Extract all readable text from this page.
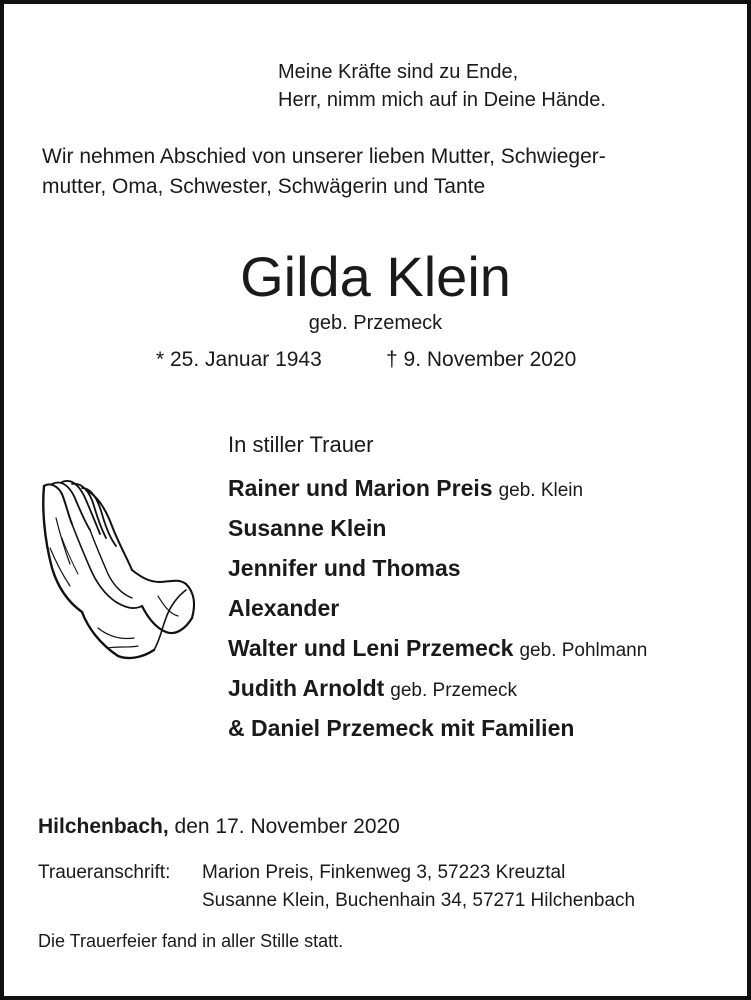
Meine Kräfte sind zu Ende,
Herr, nimm mich auf in Deine Hände.
Wir nehmen Abschied von unserer lieben Mutter, Schwieger-
mutter, Oma, Schwester, Schwägerin und Tante
Gilda Klein
geb. Przemeck
* 25. Januar 1943	† 9. November 2020
In stiller Trauer
Rainer und Marion Preis geb. Klein
Susanne Klein
Jennifer und Thomas
Alexander
Walter und Leni Przemeck geb. Pohlmann
Judith Arnoldt geb. Przemeck
& Daniel Przemeck mit Familien
Hilchenbach, den 17. November 2020
Traueranschrift: Marion Preis, Finkenweg 3, 57223 Kreuztal
Susanne Klein, Buchenhain 34, 57271 Hilchenbach
Die Trauerfeier fand in aller Stille statt.
